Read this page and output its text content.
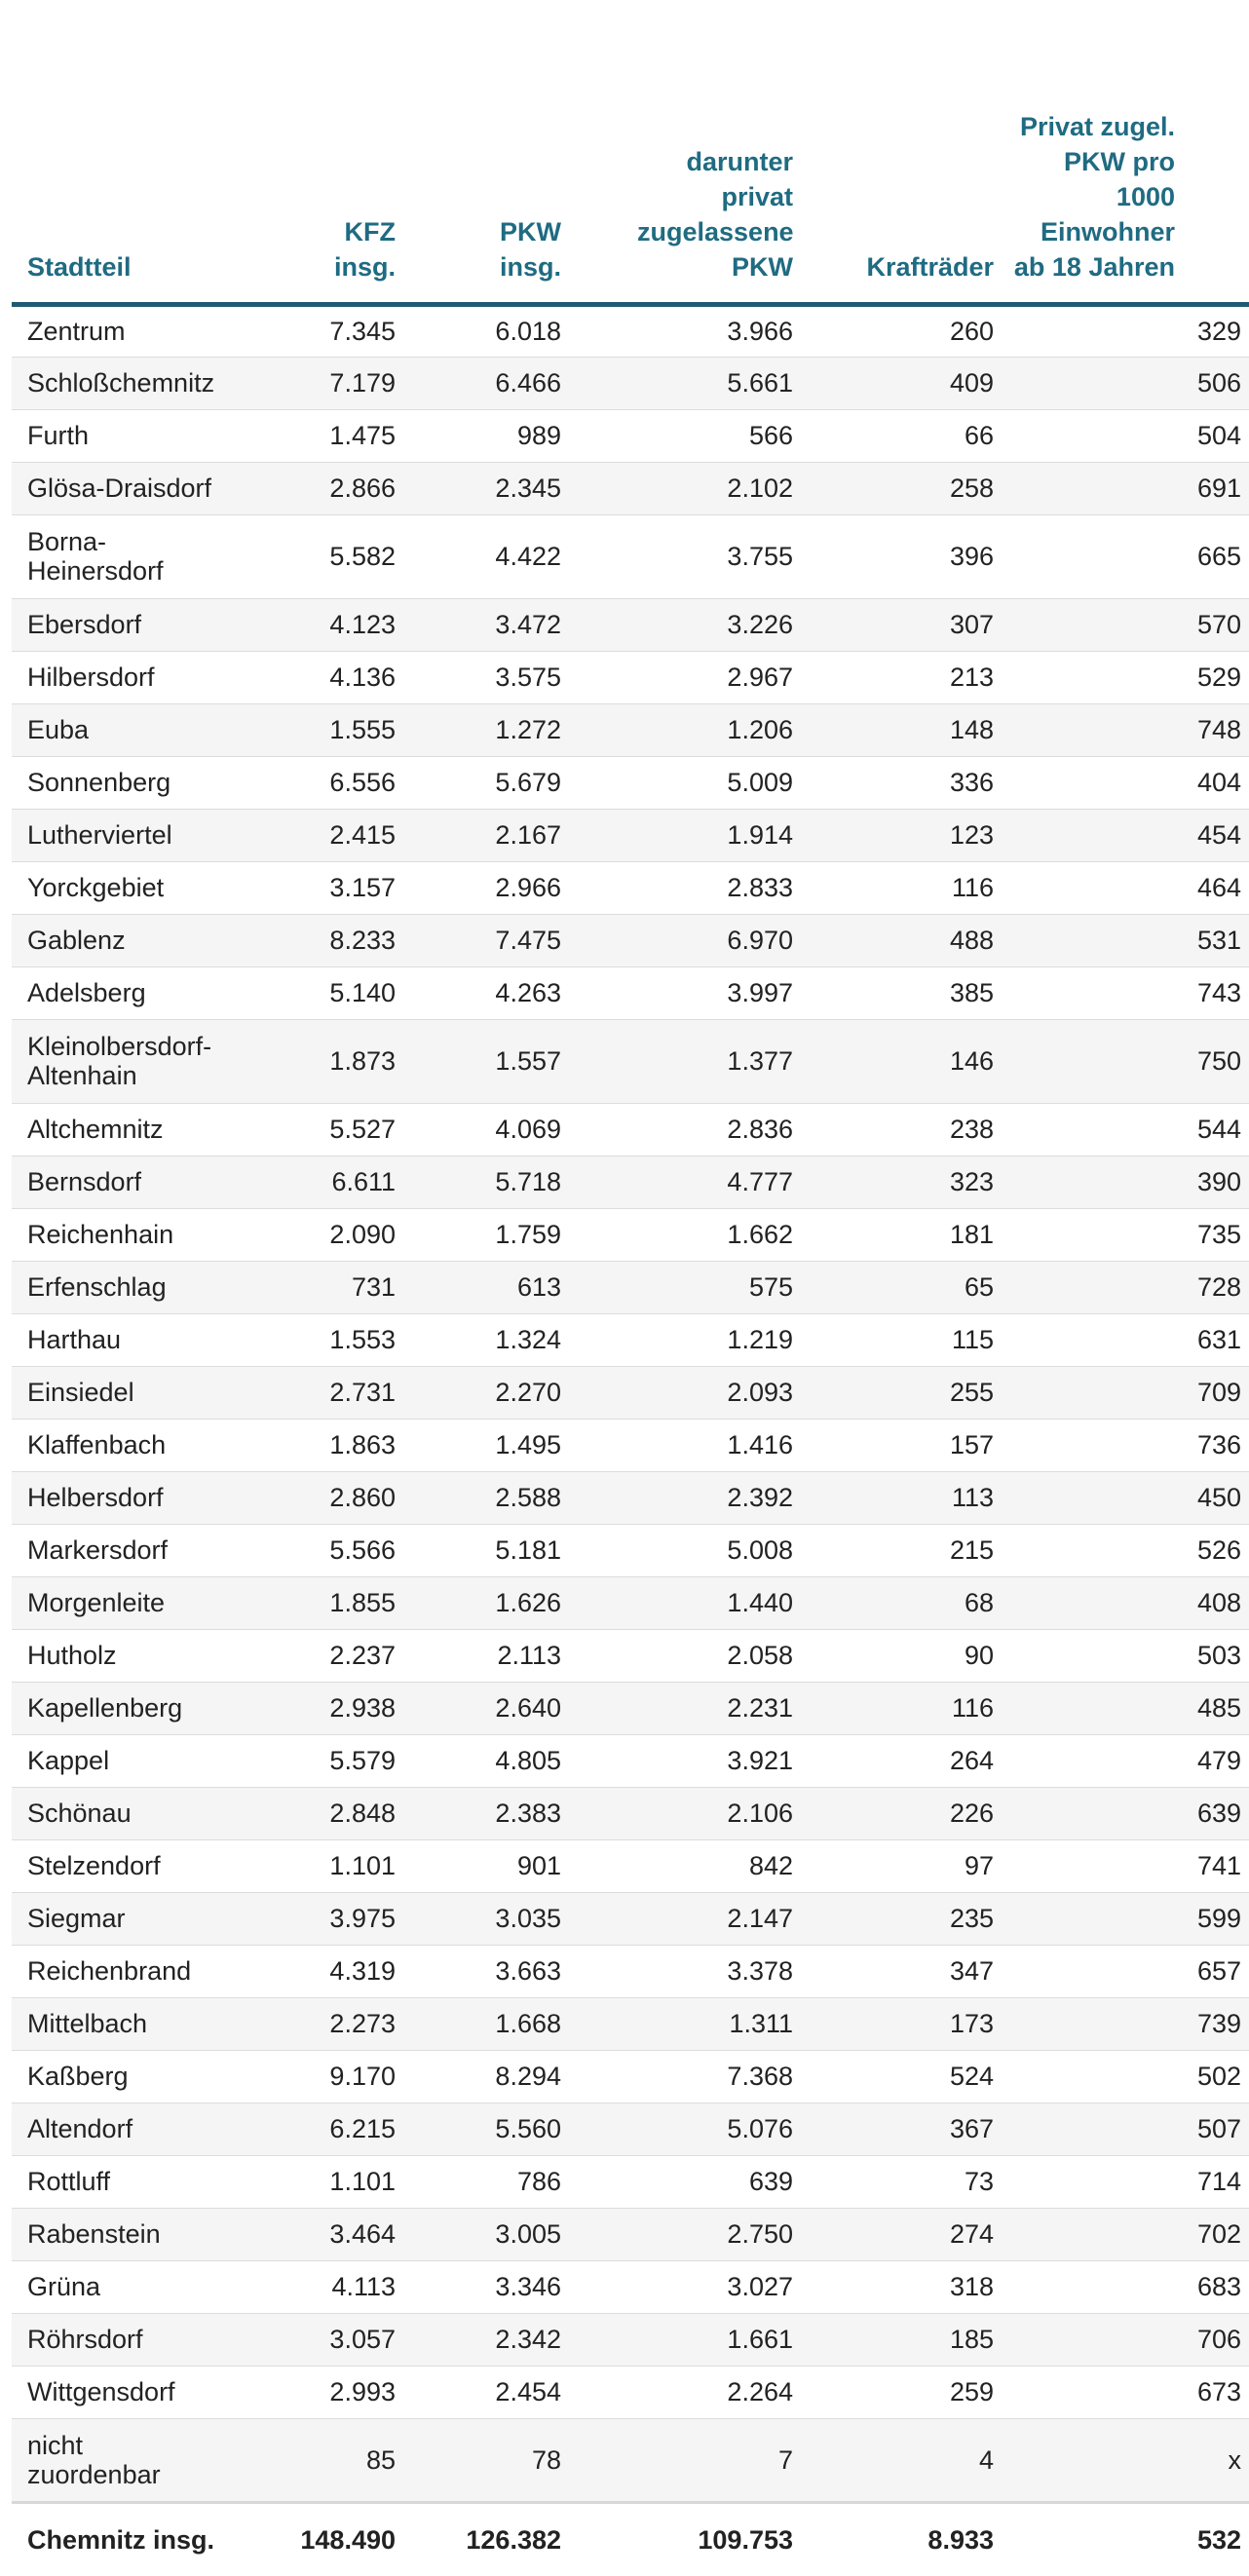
Stadtteil	KFZ insg.	PKW insg.	darunter privat zugelassene PKW	Krafträder	Privat zugel. PKW pro 1000 Einwohner ab 18 Jahren
Zentrum	7.345	6.018	3.966	260	329
Schloßchemnitz	7.179	6.466	5.661	409	506
Furth	1.475	989	566	66	504
Glösa-Draisdorf	2.866	2.345	2.102	258	691
Borna-Heinersdorf	5.582	4.422	3.755	396	665
Ebersdorf	4.123	3.472	3.226	307	570
Hilbersdorf	4.136	3.575	2.967	213	529
Euba	1.555	1.272	1.206	148	748
Sonnenberg	6.556	5.679	5.009	336	404
Lutherviertel	2.415	2.167	1.914	123	454
Yorckgebiet	3.157	2.966	2.833	116	464
Gablenz	8.233	7.475	6.970	488	531
Adelsberg	5.140	4.263	3.997	385	743
Kleinolbersdorf-Altenhain	1.873	1.557	1.377	146	750
Altchemnitz	5.527	4.069	2.836	238	544
Bernsdorf	6.611	5.718	4.777	323	390
Reichenhain	2.090	1.759	1.662	181	735
Erfenschlag	731	613	575	65	728
Harthau	1.553	1.324	1.219	115	631
Einsiedel	2.731	2.270	2.093	255	709
Klaffenbach	1.863	1.495	1.416	157	736
Helbersdorf	2.860	2.588	2.392	113	450
Markersdorf	5.566	5.181	5.008	215	526
Morgenleite	1.855	1.626	1.440	68	408
Hutholz	2.237	2.113	2.058	90	503
Kapellenberg	2.938	2.640	2.231	116	485
Kappel	5.579	4.805	3.921	264	479
Schönau	2.848	2.383	2.106	226	639
Stelzendorf	1.101	901	842	97	741
Siegmar	3.975	3.035	2.147	235	599
Reichenbrand	4.319	3.663	3.378	347	657
Mittelbach	2.273	1.668	1.311	173	739
Kaßberg	9.170	8.294	7.368	524	502
Altendorf	6.215	5.560	5.076	367	507
Rottluff	1.101	786	639	73	714
Rabenstein	3.464	3.005	2.750	274	702
Grüna	4.113	3.346	3.027	318	683
Röhrsdorf	3.057	2.342	1.661	185	706
Wittgensdorf	2.993	2.454	2.264	259	673
nicht zuordenbar	85	78	7	4	x
Chemnitz insg.	148.490	126.382	109.753	8.933	532
